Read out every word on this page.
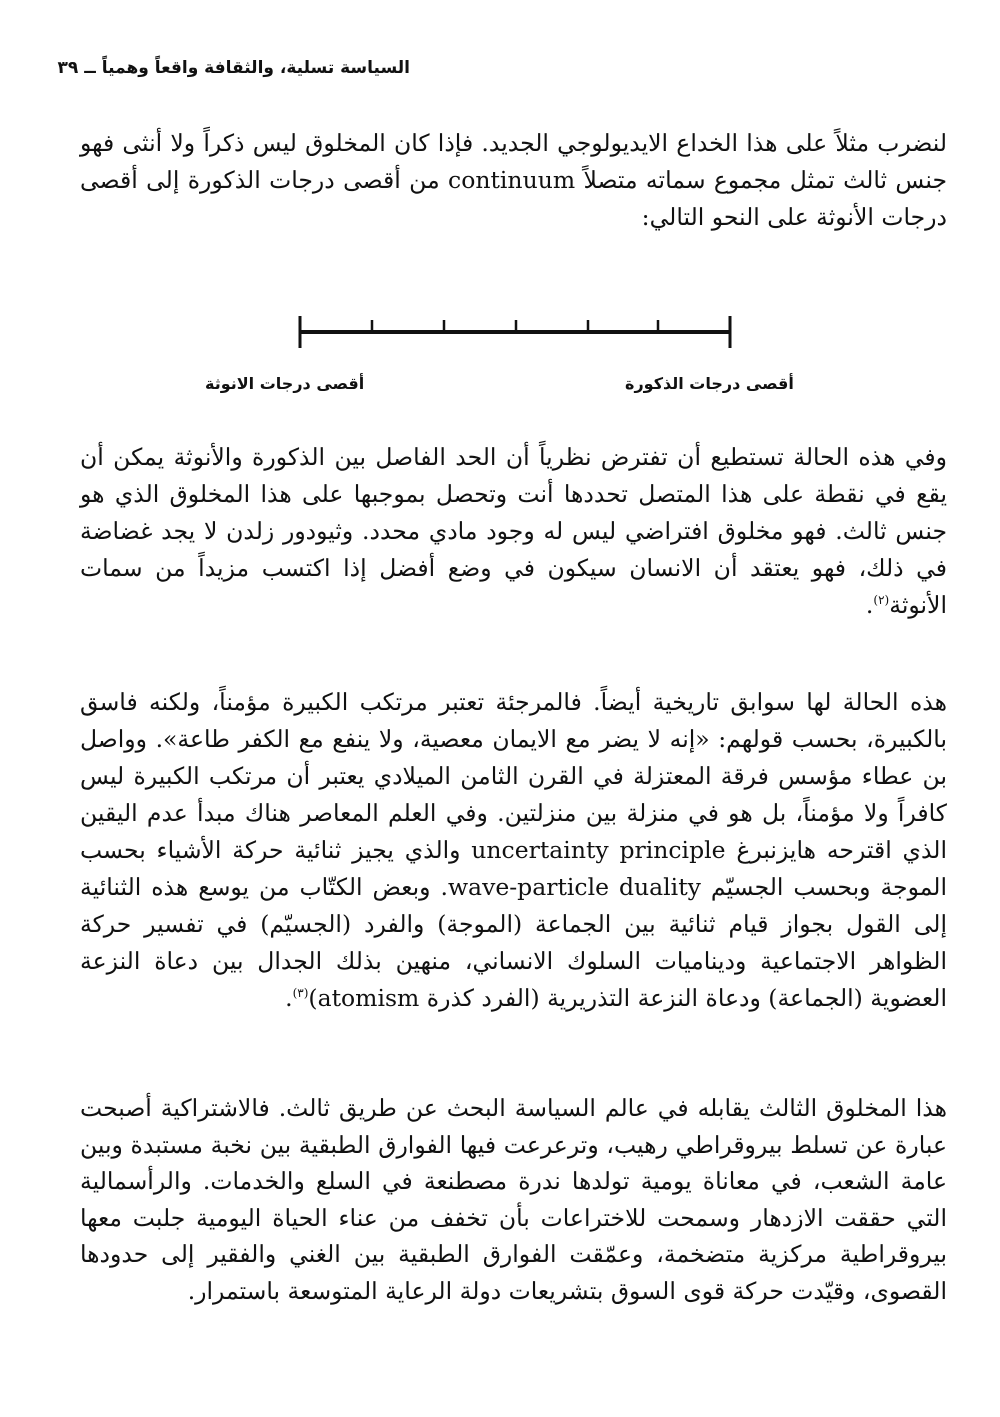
السياسة تسلية، والثقافة واقعاً وهمياً ــ ٣٩

لنضرب مثلاً على هذا الخداع الايديولوجي الجديد. فإذا كان المخلوق ليس ذكراً ولا أنثى فهو جنس ثالث تمثل مجموع سماته متصلاً continuum من أقصى درجات الذكورة إلى أقصى درجات الأنوثة على النحو التالي:

أقصى درجات الانوثة	أقصى درجات الذكورة

وفي هذه الحالة تستطيع أن تفترض نظرياً أن الحد الفاصل بين الذكورة والأنوثة يمكن أن يقع في نقطة على هذا المتصل تحددها أنت وتحصل بموجبها على هذا المخلوق الذي هو جنس ثالث. فهو مخلوق افتراضي ليس له وجود مادي محدد. وثيودور زلدن لا يجد غضاضة في ذلك، فهو يعتقد أن الانسان سيكون في وضع أفضل إذا اكتسب مزيداً من سمات الأنوثة$^{(٢)}$.

هذه الحالة لها سوابق تاريخية أيضاً. فالمرجئة تعتبر مرتكب الكبيرة مؤمناً، ولكنه فاسق بالكبيرة، بحسب قولهم: «إنه لا يضر مع الايمان معصية، ولا ينفع مع الكفر طاعة». وواصل بن عطاء مؤسس فرقة المعتزلة في القرن الثامن الميلادي يعتبر أن مرتكب الكبيرة ليس كافراً ولا مؤمناً، بل هو في منزلة بين منزلتين. وفي العلم المعاصر هناك مبدأ عدم اليقين الذي اقترحه هايزنبرغ uncertainty principle والذي يجيز ثنائية حركة الأشياء بحسب الموجة وبحسب الجسيّم wave-particle duality. وبعض الكتّاب من يوسع هذه الثنائية إلى القول بجواز قيام ثنائية بين الجماعة (الموجة) والفرد (الجسيّم) في تفسير حركة الظواهر الاجتماعية وديناميات السلوك الانساني، منهين بذلك الجدال بين دعاة النزعة العضوية (الجماعة) ودعاة النزعة التذريرية (الفرد كذرة atomism)$^{(٣)}$.

هذا المخلوق الثالث يقابله في عالم السياسة البحث عن طريق ثالث. فالاشتراكية أصبحت عبارة عن تسلط بيروقراطي رهيب، وترعرعت فيها الفوارق الطبقية بين نخبة مستبدة وبين عامة الشعب، في معاناة يومية تولدها ندرة مصطنعة في السلع والخدمات. والرأسمالية التي حققت الازدهار وسمحت للاختراعات بأن تخفف من عناء الحياة اليومية جلبت معها بيروقراطية مركزية متضخمة، وعمّقت الفوارق الطبقية بين الغني والفقير إلى حدودها القصوى، وقيّدت حركة قوى السوق بتشريعات دولة الرعاية المتوسعة باستمرار.
